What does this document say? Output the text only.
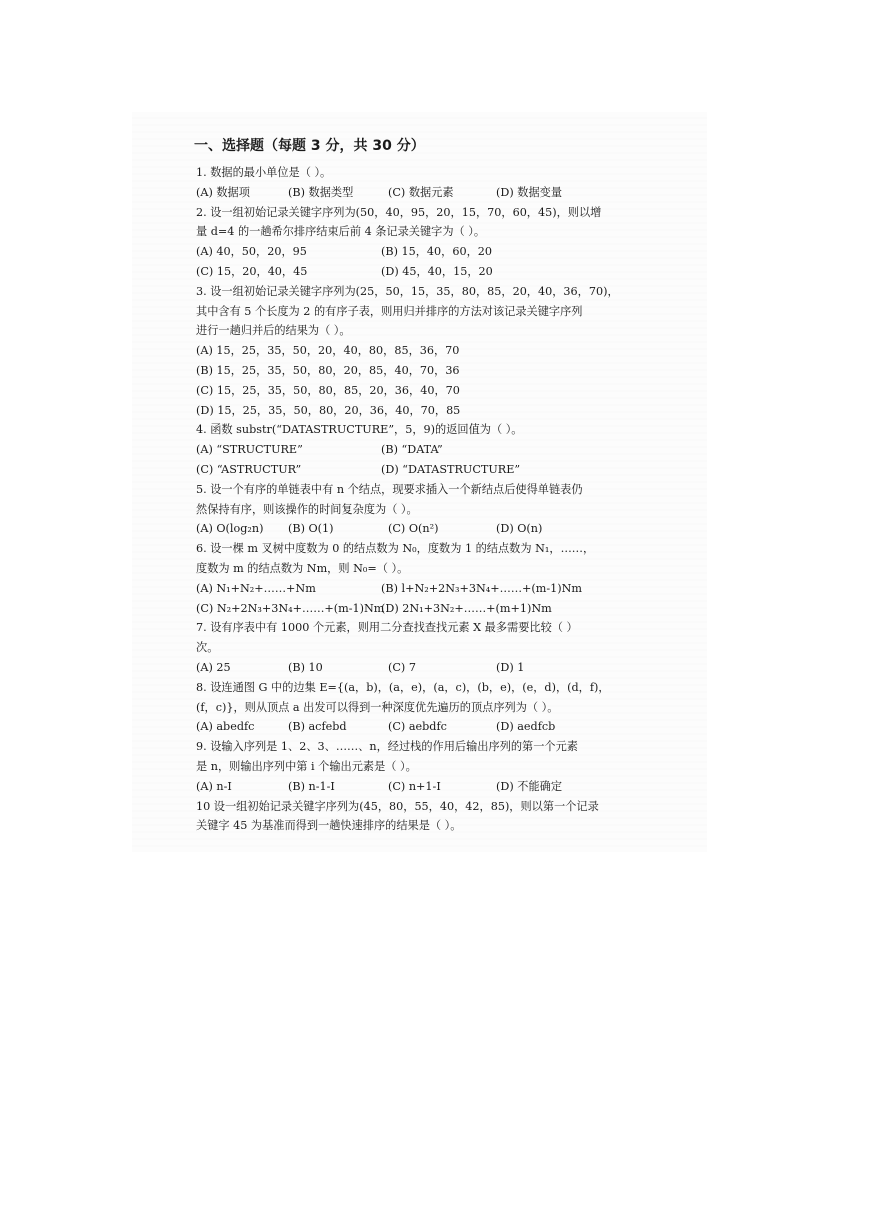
一、选择题（每题 3 分，共 30 分）
1. 数据的最小单位是（ ）。
(A) 数据项	(B) 数据类型	(C) 数据元素	(D) 数据变量
2. 设一组初始记录关键字序列为(50，40，95，20，15，70，60，45)，则以增
量 d=4 的一趟希尔排序结束后前 4 条记录关键字为（ ）。
(A) 40，50，20，95	(B) 15，40，60，20
(C) 15，20，40，45	(D) 45，40，15，20
3. 设一组初始记录关键字序列为(25，50，15，35，80，85，20，40，36，70)，
其中含有 5 个长度为 2 的有序子表，则用归并排序的方法对该记录关键字序列
进行一趟归并后的结果为（ ）。
(A) 15，25，35，50，20，40，80，85，36，70
(B) 15，25，35，50，80，20，85，40，70，36
(C) 15，25，35，50，80，85，20，36，40，70
(D) 15，25，35，50，80，20，36，40，70，85
4. 函数 substr(“DATASTRUCTURE”，5，9)的返回值为（ ）。
(A) “STRUCTURE”	(B) “DATA”
(C) “ASTRUCTUR”	(D) “DATASTRUCTURE”
5. 设一个有序的单链表中有 n 个结点，现要求插入一个新结点后使得单链表仍
然保持有序，则该操作的时间复杂度为（ ）。
(A) O(log₂n)	(B) O(1)	(C) O(n²)	(D) O(n)
6. 设一棵 m 叉树中度数为 0 的结点数为 N₀，度数为 1 的结点数为 N₁，……，
度数为 m 的结点数为 Nm，则 N₀=（ ）。
(A) N₁+N₂+……+Nm	(B) l+N₂+2N₃+3N₄+……+(m-1)Nm
(C) N₂+2N₃+3N₄+……+(m-1)Nm
(D) 2N₁+3N₂+……+(m+1)Nm
7. 设有序表中有 1000 个元素，则用二分查找查找元素 X 最多需要比较（ ）
次。
(A) 25	(B) 10	(C) 7	(D) 1
8. 设连通图 G 中的边集 E={(a，b)，(a，e)，(a，c)，(b，e)，(e，d)，(d，f)，
(f，c)}，则从顶点 a 出发可以得到一种深度优先遍历的顶点序列为（ ）。
(A) abedfc	(B) acfebd	(C) aebdfc	(D) aedfcb
9. 设输入序列是 1、2、3、……、n，经过栈的作用后输出序列的第一个元素
是 n，则输出序列中第 i 个输出元素是（ ）。
(A) n-I	(B) n-1-I	(C) n+1-I	(D) 不能确定
10 设一组初始记录关键字序列为(45，80，55，40，42，85)，则以第一个记录
关键字 45 为基准而得到一趟快速排序的结果是（ ）。
